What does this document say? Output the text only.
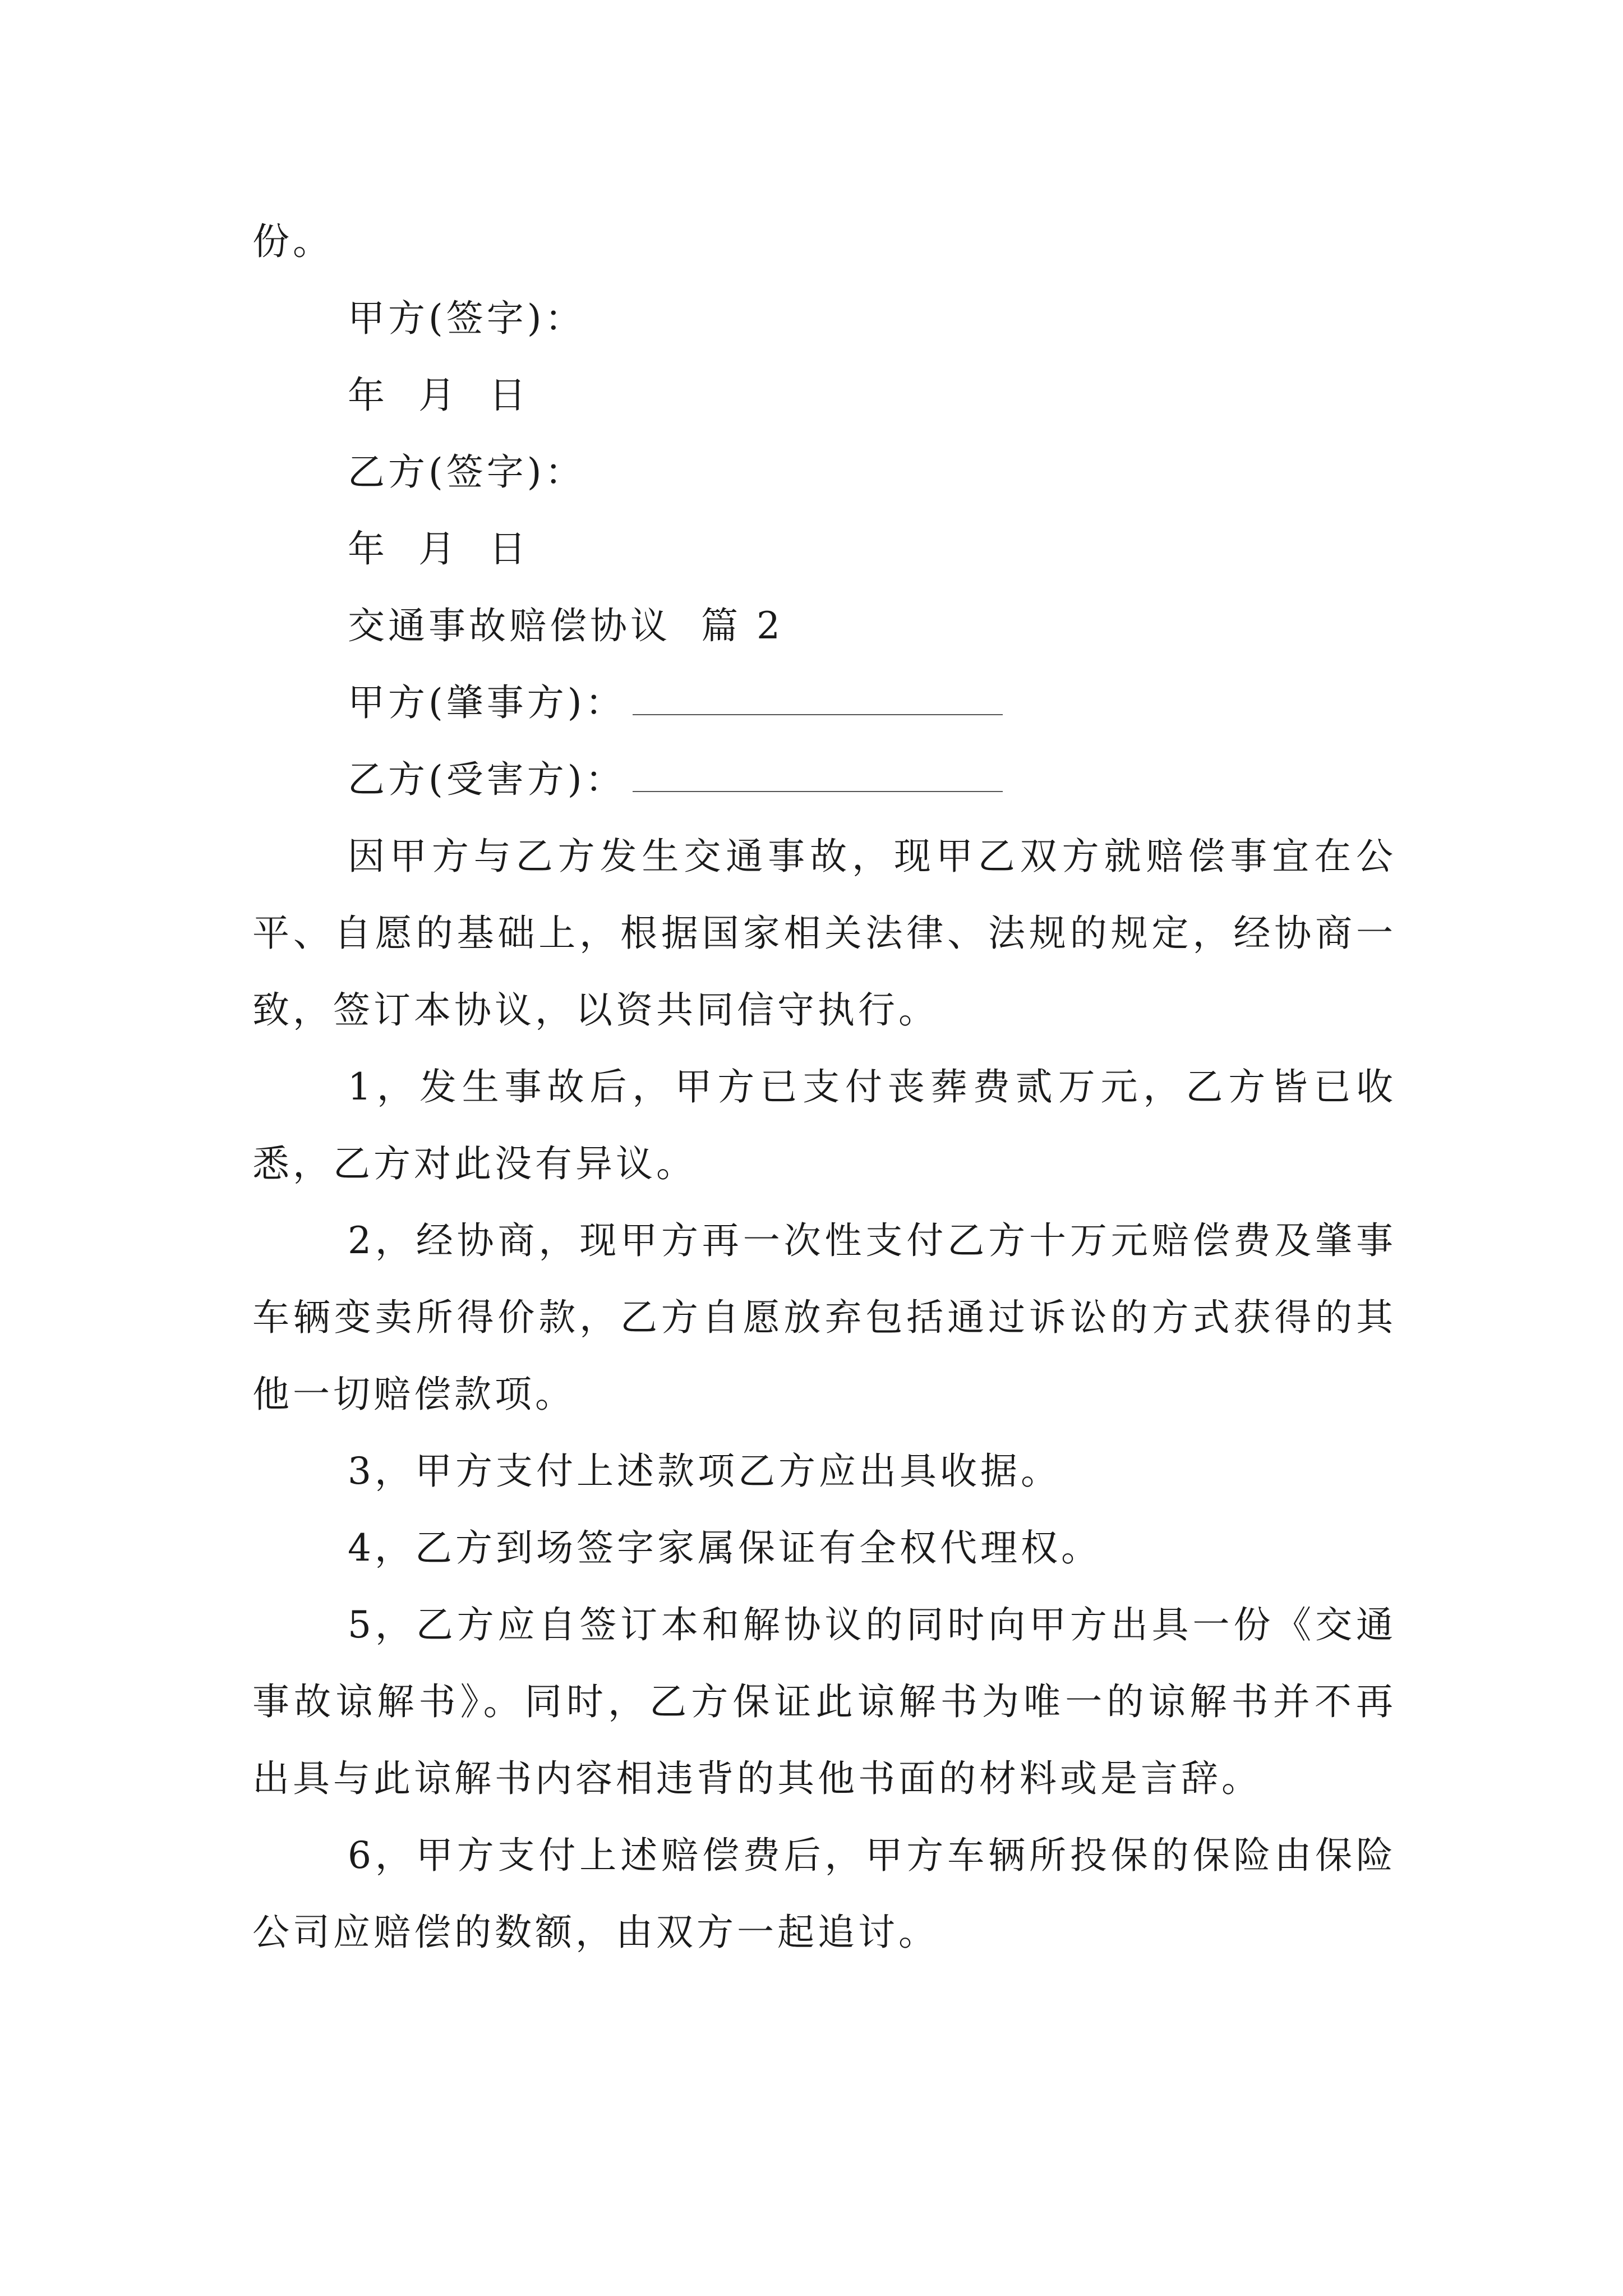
份。
甲方(签字)：
年  月  日
乙方(签字)：
年  月  日
交通事故赔偿协议  篇 2
甲方(肇事方)：
乙方(受害方)：

因甲方与乙方发生交通事故，现甲乙双方就赔偿事宜在公平、自愿的基础上，根据国家相关法律、法规的规定，经协商一致，签订本协议，以资共同信守执行。

1，发生事故后，甲方已支付丧葬费贰万元，乙方皆已收悉，乙方对此没有异议。

2，经协商，现甲方再一次性支付乙方十万元赔偿费及肇事车辆变卖所得价款，乙方自愿放弃包括通过诉讼的方式获得的其他一切赔偿款项。

3，甲方支付上述款项乙方应出具收据。

4，乙方到场签字家属保证有全权代理权。

5，乙方应自签订本和解协议的同时向甲方出具一份《交通事故谅解书》。同时，乙方保证此谅解书为唯一的谅解书并不再出具与此谅解书内容相违背的其他书面的材料或是言辞。

6，甲方支付上述赔偿费后，甲方车辆所投保的保险由保险公司应赔偿的数额，由双方一起追讨。
